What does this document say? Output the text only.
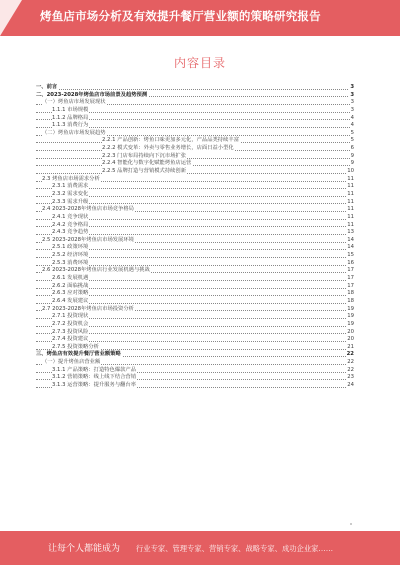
烤鱼店市场分析及有效提升餐厅营业额的策略研究报告
内容目录
一、前言	3
二、2023-2028年烤鱼店市场前景及趋势预测	3
（一）烤鱼店市场发展现状	3
1.1.1 市场规模	3
1.1.2 品牌格局	4
1.1.3 消费行为	4
（二）烤鱼店市场发展趋势	5
2.2.1 产品创新：烤鱼口味更加多元化，产品品类持续丰富	5
2.2.2 模式变革：外卖与零售业务增长，店面日益小型化	6
2.2.3 门店布局持续向下沉市场扩张	9
2.2.4 智能化与数字化赋能烤鱼店运营	9
2.2.5 品牌打造与营销模式持续创新	10
2.3 烤鱼店市场需求分析	11
2.3.1 消费需求	11
2.3.2 需求变化	11
2.3.3 需求升级	11
2.4 2023-2028年烤鱼店市场竞争格局	11
2.4.1 竞争现状	11
2.4.2 竞争格局	11
2.4.3 竞争趋势	13
2.5 2023-2028年烤鱼店市场发展环境	14
2.5.1 政策环境	14
2.5.2 经济环境	15
2.5.3 消费环境	16
2.6 2023-2028年烤鱼店行业发展机遇与挑战	17
2.6.1 发展机遇	17
2.6.2 面临挑战	17
2.6.3 应对策略	18
2.6.4 发展建议	18
2.7 2023-2028年烤鱼店市场投资分析	19
2.7.1 投资现状	19
2.7.2 投资机会	19
2.7.3 投资风险	20
2.7.4 投资建议	20
2.7.5 投资策略分析	21
三、烤鱼店有效提升餐厅营业额策略	22
（一）提升烤鱼店营业额	22
3.1.1 产品策略：打造特色爆款产品	22
3.1.2 营销策略：线上线下结合营销	23
3.1.3 运营策略：提升服务与翻台率	24
让每个人都能成为 行业专家、管理专家、营销专家、战略专家、成功企业家……
